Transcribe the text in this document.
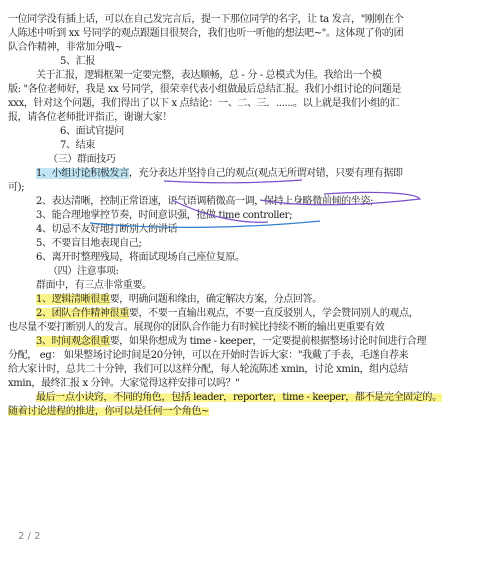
一位同学没有插上话，可以在自己发完言后，提一下那位同学的名字，让 ta 发言，"刚刚在个
人陈述中听到 xx 号同学的观点跟题目很契合，我们也听一听他的想法吧~"。这体现了你的团
队合作精神，非常加分哦~
5、汇报
关于汇报，逻辑框架一定要完整，表达顺畅，总 - 分 - 总模式为佳。我给出一个模
版: "各位老师好，我是 xx 号同学，很荣幸代表小组做最后总结汇报。我们小组讨论的问题是
xxx，针对这个问题，我们得出了以下 x 点结论：一、二、三．......。以上就是我们小组的汇
报，请各位老师批评指正，谢谢大家！
6、面试官提问
7、结束
（三）群面技巧
1、小组讨论积极发言，充分表达并坚持自己的观点(观点无所谓对错，只要有理有据即
可);
2、表达清晰，控制正常语速，语气语调稍微高一调，保持上身略微前倾的坐姿;
3、能合理地掌控节奏，时间意识强，抢做 time controller;
4、切忌不友好地打断别人的讲话
5、不要盲目地表现自己;
6、离开时整理残局，将面试现场自己座位复原。
（四）注意事项:
群面中，有三点非常重要。
1、逻辑清晰很重要，明确问题和缘由，确定解决方案，分点回答。
2、团队合作精神很重要，不要一直输出观点，不要一直反驳别人，学会赞同别人的观点，
也尽量不要打断别人的发言。展现你的团队合作能力有时候比持续不断的输出更重要有效
3、时间观念很重要，如果你想成为 time - keeper，一定要提前根据整场讨论时间进行合理
分配， eg： 如果整场讨论时间是20分钟，可以在开始时告诉大家："我戴了手表，毛遂自荐来
给大家计时，总共二十分钟，我们可以这样分配，每人轮流陈述 xmin，讨论 xmin，组内总结
xmin，最终汇报 x 分钟。大家觉得这样安排可以吗？"
最后一点小诀窍，不同的角色，包括 leader，reporter，time - keeper，都不是完全固定的。
随着讨论进程的推进，你可以是任何一个角色~
2 / 2
